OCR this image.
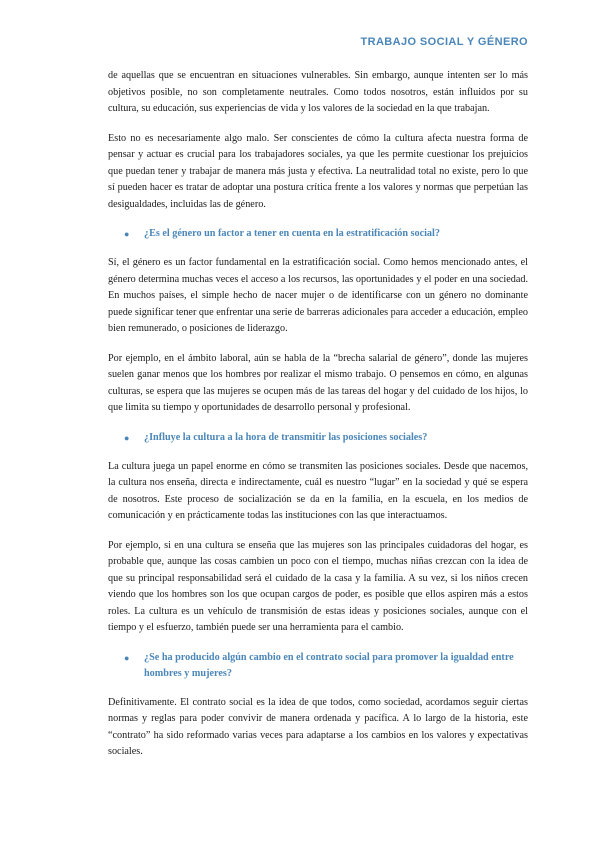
TRABAJO SOCIAL Y GÉNERO

de aquellas que se encuentran en situaciones vulnerables. Sin embargo, aunque intenten ser lo más objetivos posible, no son completamente neutrales. Como todos nosotros, están influidos por su cultura, su educación, sus experiencias de vida y los valores de la sociedad en la que trabajan.

Esto no es necesariamente algo malo. Ser conscientes de cómo la cultura afecta nuestra forma de pensar y actuar es crucial para los trabajadores sociales, ya que les permite cuestionar los prejuicios que puedan tener y trabajar de manera más justa y efectiva. La neutralidad total no existe, pero lo que sí pueden hacer es tratar de adoptar una postura crítica frente a los valores y normas que perpetúan las desigualdades, incluidas las de género.

● ¿Es el género un factor a tener en cuenta en la estratificación social?

Sí, el género es un factor fundamental en la estratificación social. Como hemos mencionado antes, el género determina muchas veces el acceso a los recursos, las oportunidades y el poder en una sociedad. En muchos países, el simple hecho de nacer mujer o de identificarse con un género no dominante puede significar tener que enfrentar una serie de barreras adicionales para acceder a educación, empleo bien remunerado, o posiciones de liderazgo.

Por ejemplo, en el ámbito laboral, aún se habla de la “brecha salarial de género”, donde las mujeres suelen ganar menos que los hombres por realizar el mismo trabajo. O pensemos en cómo, en algunas culturas, se espera que las mujeres se ocupen más de las tareas del hogar y del cuidado de los hijos, lo que limita su tiempo y oportunidades de desarrollo personal y profesional.

● ¿Influye la cultura a la hora de transmitir las posiciones sociales?

La cultura juega un papel enorme en cómo se transmiten las posiciones sociales. Desde que nacemos, la cultura nos enseña, directa e indirectamente, cuál es nuestro “lugar” en la sociedad y qué se espera de nosotros. Este proceso de socialización se da en la familia, en la escuela, en los medios de comunicación y en prácticamente todas las instituciones con las que interactuamos.

Por ejemplo, si en una cultura se enseña que las mujeres son las principales cuidadoras del hogar, es probable que, aunque las cosas cambien un poco con el tiempo, muchas niñas crezcan con la idea de que su principal responsabilidad será el cuidado de la casa y la familia. A su vez, si los niños crecen viendo que los hombres son los que ocupan cargos de poder, es posible que ellos aspiren más a estos roles. La cultura es un vehículo de transmisión de estas ideas y posiciones sociales, aunque con el tiempo y el esfuerzo, también puede ser una herramienta para el cambio.

● ¿Se ha producido algún cambio en el contrato social para promover la igualdad entre hombres y mujeres?

Definitivamente. El contrato social es la idea de que todos, como sociedad, acordamos seguir ciertas normas y reglas para poder convivir de manera ordenada y pacífica. A lo largo de la historia, este “contrato” ha sido reformado varias veces para adaptarse a los cambios en los valores y expectativas sociales.
